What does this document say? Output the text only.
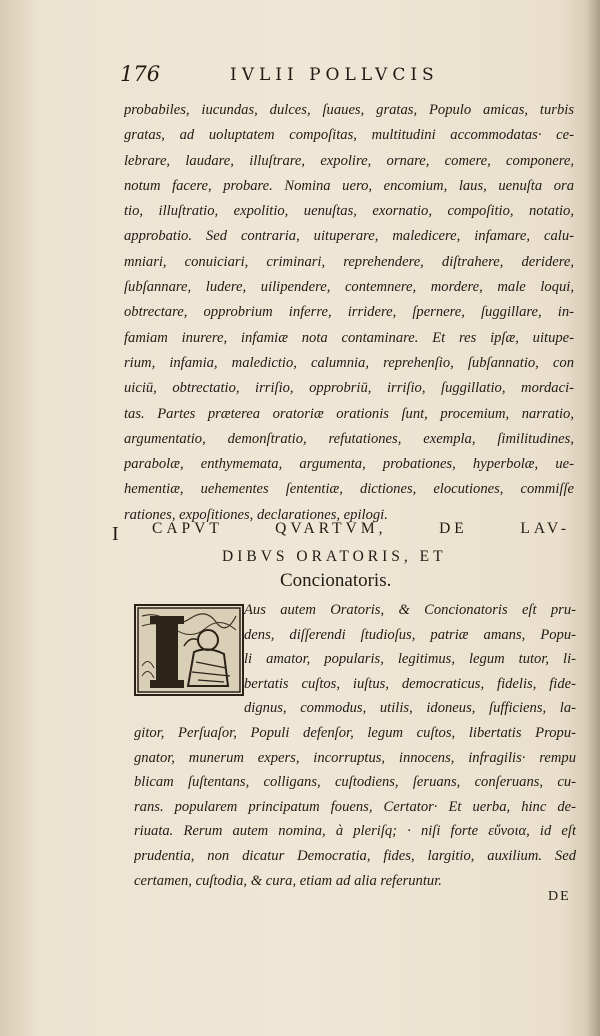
176	IVLII POLLVCIS
probabiles, iucundas, dulces, ſuaues, gratas, Populo amicas, turbis
gratas, ad uoluptatem compoſitas, multitudini accommodatas· ce-
lebrare, laudare, illuſtrare, expolire, ornare, comere, componere,
notum facere, probare. Nomina uero, encomium, laus, uenuſta ora
tio, illuſtratio, expolitio, uenuſtas, exornatio, compoſitio, notatio,
approbatio. Sed contraria, uituperare, maledicere, infamare, calu-
mniari, conuiciari, criminari, reprehendere, diſtrahere, deridere,
ſubſannare, ludere, uilipendere, contemnere, mordere, male loqui,
obtrectare, opprobrium inferre, irridere, ſpernere, ſuggillare, in-
famiam inurere, infamiæ nota contaminare. Et res ipſæ, uitupe-
rium, infamia, maledictio, calumnia, reprehenſio, ſubſannatio, con
uiciū, obtrectatio, irriſio, opprobriū, irriſio, ſuggillatio, mordaci-
tas. Partes præterea oratoriæ orationis ſunt, procemium, narratio,
argumentatio, demonſtratio, refutationes, exempla, ſimilitudines,
parabolæ, enthymemata, argumenta, probationes, hyperbolæ, ue-
hementiæ, uehementes ſententiæ, dictiones, elocutiones, commiſſe
rationes, expoſitiones, declarationes, epilogi.
I CAPVT QVARTVM, DE LAV-
DIBVS ORATORIS, ET
Concionatoris.
Aus autem Oratoris, & Concionatoris eſt pru-
dens, diſſerendi ſtudioſus, patriæ amans, Popu-
li amator, popularis, legitimus, legum tutor, li-
bertatis cuſtos, iuſtus, democraticus, fidelis, fide-
dignus, commodus, utilis, idoneus, ſufficiens, la-
gitor, Perſuaſor, Populi defenſor, legum cuſtos, libertatis Propu-
gnator, munerum expers, incorruptus, innocens, infragilis· rempu
blicam ſuſtentans, colligans, cuſtodiens, ſeruans, conſeruans, cu-
rans. popularem principatum fouens, Certator· Et uerba, hinc de-
riuata. Rerum autem nomina, à pleriſq; · niſi forte εὔνοια, id eſt
prudentia, non dicatur Democratia, fides, largitio, auxilium. Sed
certamen, cuſtodia, & cura, etiam ad alia referuntur.
DE
